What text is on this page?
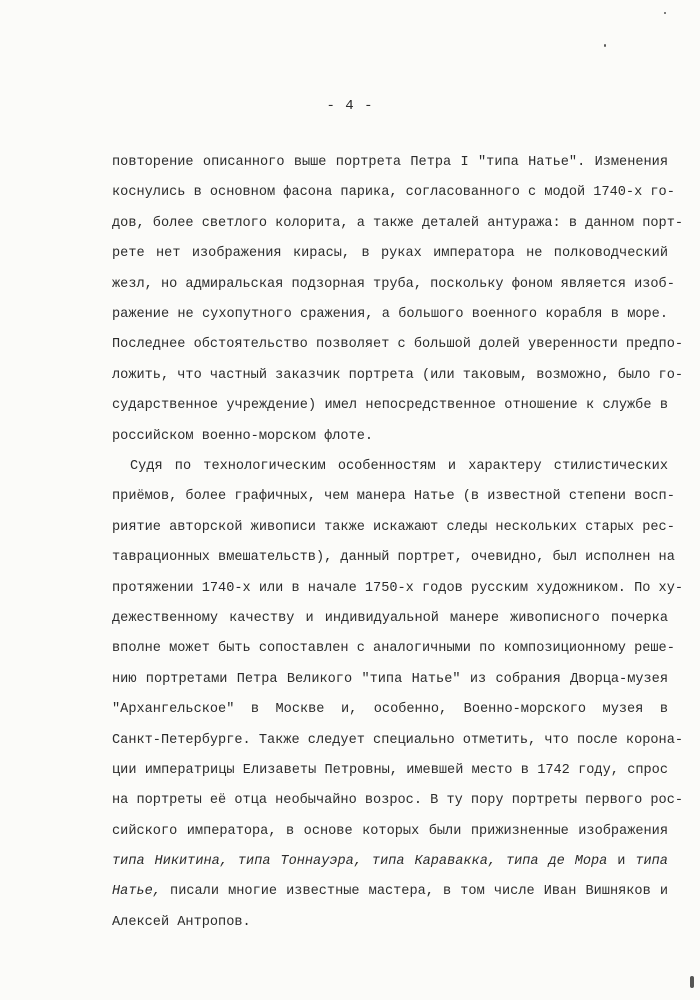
- 4 -
повторение описанного выше портрета Петра I "типа Натье". Изменения
коснулись в основном фасона парика, согласованного с модой 1740-х го-
дов, более светлого колорита, а также деталей антуража: в данном порт-
рете нет изображения кирасы, в руках императора не полководческий
жезл, но адмиральская подзорная труба, поскольку фоном является изоб-
ражение не сухопутного сражения, а большого военного корабля в море.
Последнее обстоятельство позволяет с большой долей уверенности предпо-
ложить, что частный заказчик портрета (или таковым, возможно, было го-
сударственное учреждение) имел непосредственное отношение к службе в
российском военно-морском флоте.
Судя по технологическим особенностям и характеру стилистических
приёмов, более графичных, чем манера Натье (в известной степени восп-
риятие авторской живописи также искажают следы нескольких старых рес-
таврационных вмешательств), данный портрет, очевидно, был исполнен на
протяжении 1740-х или в начале 1750-х годов русским художником. По ху-
дежественному качеству и индивидуальной манере живописного почерка
вполне может быть сопоставлен с аналогичными по композиционному реше-
нию портретами Петра Великого "типа Натье" из собрания Дворца-музея
"Архангельское" в Москве и, особенно, Военно-морского музея в
Санкт-Петербурге. Также следует специально отметить, что после корона-
ции императрицы Елизаветы Петровны, имевшей место в 1742 году, спрос
на портреты её отца необычайно возрос. В ту пору портреты первого рос-
сийского императора, в основе которых были прижизненные изображения
типа Никитина, типа Тоннауэра, типа Каравакка, типа де Мора и типа
Натье, писали многие известные мастера, в том числе Иван Вишняков и
Алексей Антропов.
